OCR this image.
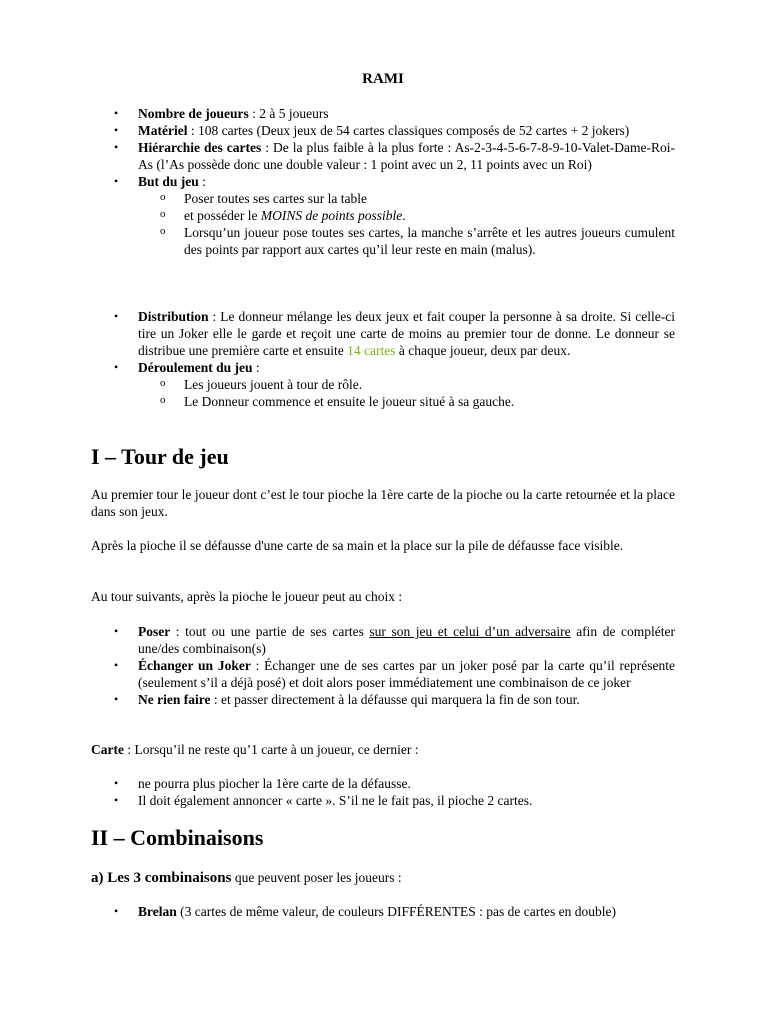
RAMI
• Nombre de joueurs : 2 à 5 joueurs
• Matériel : 108 cartes (Deux jeux de 54 cartes classiques composés de 52 cartes + 2 jokers)
• Hiérarchie des cartes : De la plus faible à la plus forte : As-2-3-4-5-6-7-8-9-10-Valet-Dame-Roi-As (l’As possède donc une double valeur : 1 point avec un 2, 11 points avec un Roi)
• But du jeu :
o Poser toutes ses cartes sur la table
o et posséder le MOINS de points possible.
o Lorsqu’un joueur pose toutes ses cartes, la manche s’arrête et les autres joueurs cumulent des points par rapport aux cartes qu’il leur reste en main (malus).
• Distribution : Le donneur mélange les deux jeux et fait couper la personne à sa droite. Si celle-ci tire un Joker elle le garde et reçoit une carte de moins au premier tour de donne. Le donneur se distribue une première carte et ensuite 14 cartes à chaque joueur, deux par deux.
• Déroulement du jeu :
o Les joueurs jouent à tour de rôle.
o Le Donneur commence et ensuite le joueur situé à sa gauche.
I – Tour de jeu

Au premier tour le joueur dont c’est le tour pioche la 1ère carte de la pioche ou la carte retournée et la place dans son jeux.

Après la pioche il se défausse d'une carte de sa main et la place sur la pile de défausse face visible.

Au tour suivants, après la pioche le joueur peut au choix :

• Poser : tout ou une partie de ses cartes sur son jeu et celui d’un adversaire afin de compléter une/des combinaison(s)
• Échanger un Joker : Échanger une de ses cartes par un joker posé par la carte qu’il représente (seulement s’il a déjà posé) et doit alors poser immédiatement une combinaison de ce joker
• Ne rien faire : et passer directement à la défausse qui marquera la fin de son tour.

Carte : Lorsqu’il ne reste qu’1 carte à un joueur, ce dernier :

• ne pourra plus piocher la 1ère carte de la défausse.
• Il doit également annoncer « carte ». S’il ne le fait pas, il pioche 2 cartes.
II – Combinaisons

a) Les 3 combinaisons que peuvent poser les joueurs :

• Brelan (3 cartes de même valeur, de couleurs DIFFÉRENTES : pas de cartes en double)
